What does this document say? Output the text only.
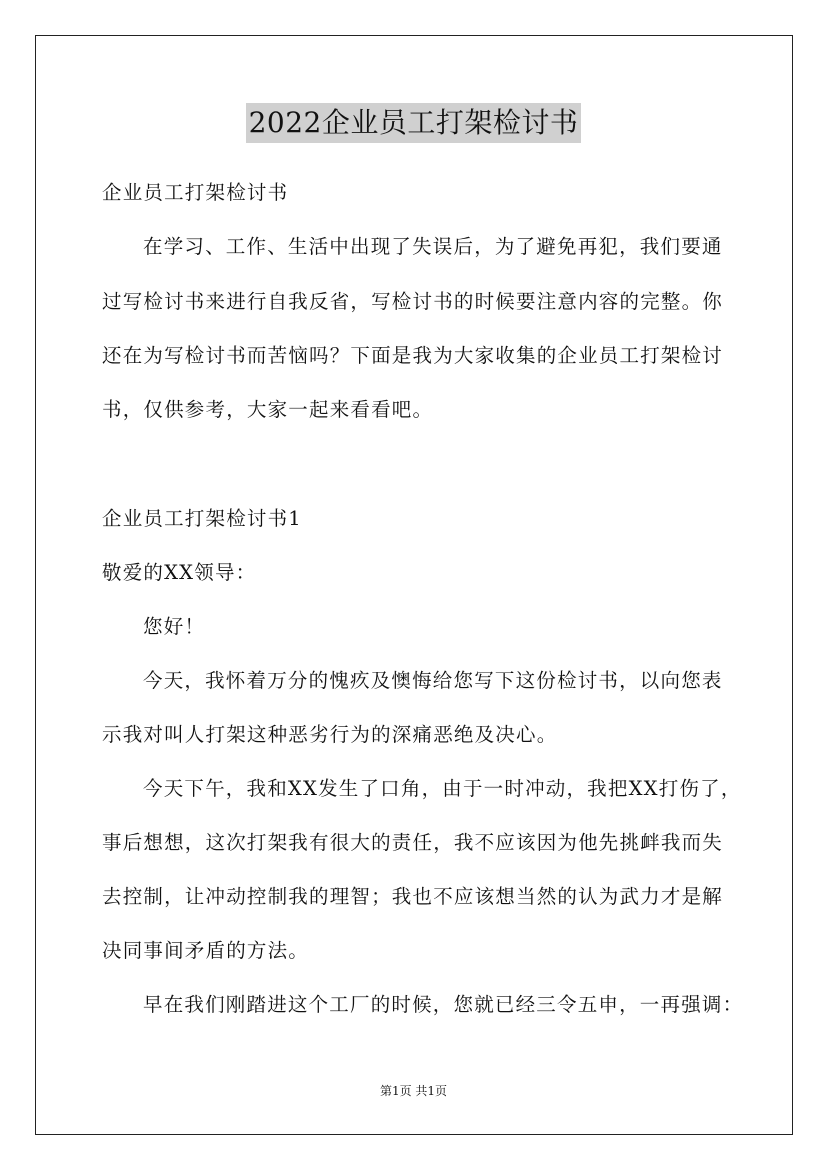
2022企业员工打架检讨书
企业员工打架检讨书
在学习、工作、生活中出现了失误后，为了避免再犯，我们要通
过写检讨书来进行自我反省，写检讨书的时候要注意内容的完整。你
还在为写检讨书而苦恼吗？下面是我为大家收集的企业员工打架检讨
书，仅供参考，大家一起来看看吧。
企业员工打架检讨书1
敬爱的XX领导：
您好！
今天，我怀着万分的愧疚及懊悔给您写下这份检讨书，以向您表
示我对叫人打架这种恶劣行为的深痛恶绝及决心。
今天下午，我和XX发生了口角，由于一时冲动，我把XX打伤了，
事后想想，这次打架我有很大的责任，我不应该因为他先挑衅我而失
去控制，让冲动控制我的理智；我也不应该想当然的认为武力才是解
决同事间矛盾的方法。
早在我们刚踏进这个工厂的时候，您就已经三令五申，一再强调：
第1页 共1页
